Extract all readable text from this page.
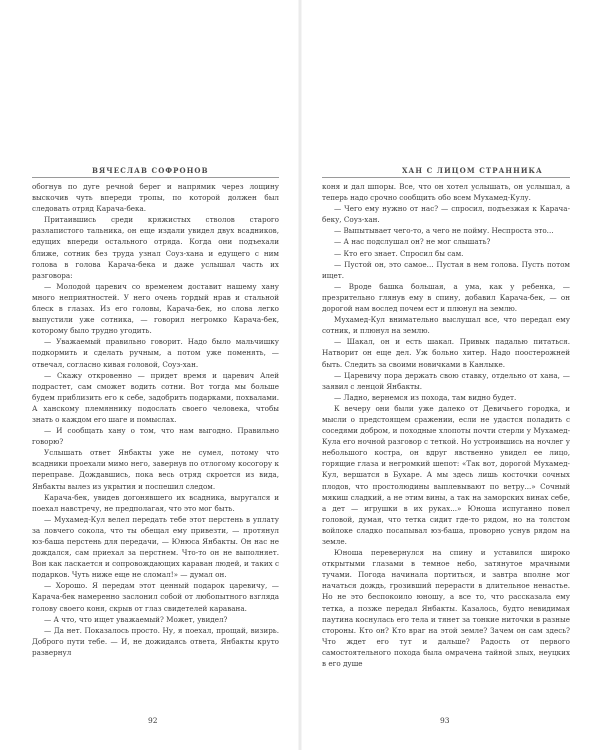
ВЯЧЕСЛАВ СОФРОНОВ

обогнув по дуге речной берег и напрямик через лощину выскочив чуть впереди тропы, по которой должен был следовать отряд Карача-бека.

Притаившись среди кряжистых стволов старого разлапистого тальника, он еще издали увидел двух всадников, едущих впереди остального отряда. Когда они подъехали ближе, сотник без труда узнал Соуз-хана и едущего с ним голова в голова Карача-бека и даже услышал часть их разговора:

— Молодой царевич со временем доставит нашему хану много неприятностей. У него очень гордый нрав и стальной блеск в глазах. Из его головы, Карача-бек, но слова легко выпустили уже сотника, — говорил негромко Карача-бек, которому было трудно угодить.

— Уважаемый правильно говорит. Надо было мальчишку подкормить и сделать ручным, а потом уже поменять, — отвечал, согласно кивая головой, Соуз-хан.

— Скажу откровенно — придет время и царевич Алей подрастет, сам сможет водить сотни. Вот тогда мы больше будем приблизить его к себе, задобрить подарками, похвалами. А ханскому племяннику подослать своего человека, чтобы знать о каждом его шаге и помыслах.

— И сообщать хану о том, что нам выгодно. Правильно говорю?

Услышать ответ Янбакты уже не сумел, потому что всадники проехали мимо него, завернув по отлогому косогору к переправе. Дождавшись, пока весь отряд скроется из вида, Янбакты вылез из укрытия и поспешил следом.

Карача-бек, увидев догонявшего их всадника, выругался и поехал навстречу, не предполагая, что это мог быть.

— Мухамед-Кул велел передать тебе этот перстень в уплату за ловчего сокола, что ты обещал ему привезти, — протянул юз-баша перстень для передачи, — Юнюса Янбакты. Он нас не дождался, сам приехал за перстнем. Что-то он не выполняет. Вон как ласкается и сопровождающих караван людей, и таких с подарков. Чуть ниже еще не сломал!» — думал он.

— Хорошо. Я передам этот ценный подарок царевичу, — Карача-бек намеренно заслонил собой от любопытного взгляда голову своего коня, скрыв от глаз свидетелей каравана.

— А что, что ищет уважаемый? Может, увидел?

— Да нет. Показалось просто. Ну, я поехал, прощай, визирь. Доброго пути тебе. — И, не дожидаясь ответа, Янбакты круто развернул

92
ХАН С ЛИЦОМ СТРАННИКА

коня и дал шпоры. Все, что он хотел услышать, он услышал, а теперь надо срочно сообщить обо всем Мухамед-Кулу.

— Чего ему нужно от нас? — спросил, подъезжая к Карача-беку, Соуз-хан.

— Выпытывает чего-то, а чего не пойму. Неспроста это...

— А нас подслушал он? не мог слышать?

— Кто его знает. Спросил бы сам.

— Пустой он, это самое... Пустая в нем голова. Пусть потом ищет.

— Вроде башка большая, а ума, как у ребенка, — презрительно глянув ему в спину, добавил Карача-бек, — он дорогой нам вослед почем ест и плюнул на землю.

Мухамед-Кул внимательно выслушал все, что передал ему сотник, и плюнул на землю.

— Шакал, он и есть шакал. Привык падалью питаться. Натворит он еще дел. Уж больно хитер. Надо поостерожней быть. Следить за своими новичками в Канлыке.

— Царевичу пора держать свою ставку, отдельно от хана, — заявил с ленцой Янбакты.

— Ладно, вернемся из похода, там видно будет.

К вечеру они были уже далеко от Девичьего городка, и мысли о предстоящем сражении, если не удастся поладить с соседями добром, и походные хлопоты почти стерли у Мухамед-Кула его ночной разговор с теткой. Но устроившись на ночлег у небольшого костра, он вдруг явственно увидел ее лицо, горящие глаза и негромкий шепот: «Так вот, дорогой Мухамед-Кул, вершатся в Бухаре. А мы здесь лишь косточки сочных плодов, что простолюдины выплевывают по ветру...» Сочный мякиш сладкий, а не этим вины, а так на заморских винах себе, а дет — игрушки в их руках...» Юноша испуганно повел головой, думая, что тетка сидит где-то рядом, но на толстом войлоке сладко посапывал юз-баша, проворно уснув рядом на земле.

Юноша перевернулся на спину и уставился широко открытыми глазами в темное небо, затянутое мрачными тучами. Погода начинала портиться, и завтра вполне мог начаться дождь, грозивший перерасти в длительное ненастье. Но не это беспокоило юношу, а все то, что рассказала ему тетка, а позже передал Янбакты. Казалось, будто невидимая паутина коснулась его тела и тянет за тонкие ниточки в разные стороны. Кто он? Кто враг на этой земле? Зачем он сам здесь? Что ждет его тут и дальше? Радость от первого самостоятельного похода была омрачена тайной злых, неуцких в его душе

93
